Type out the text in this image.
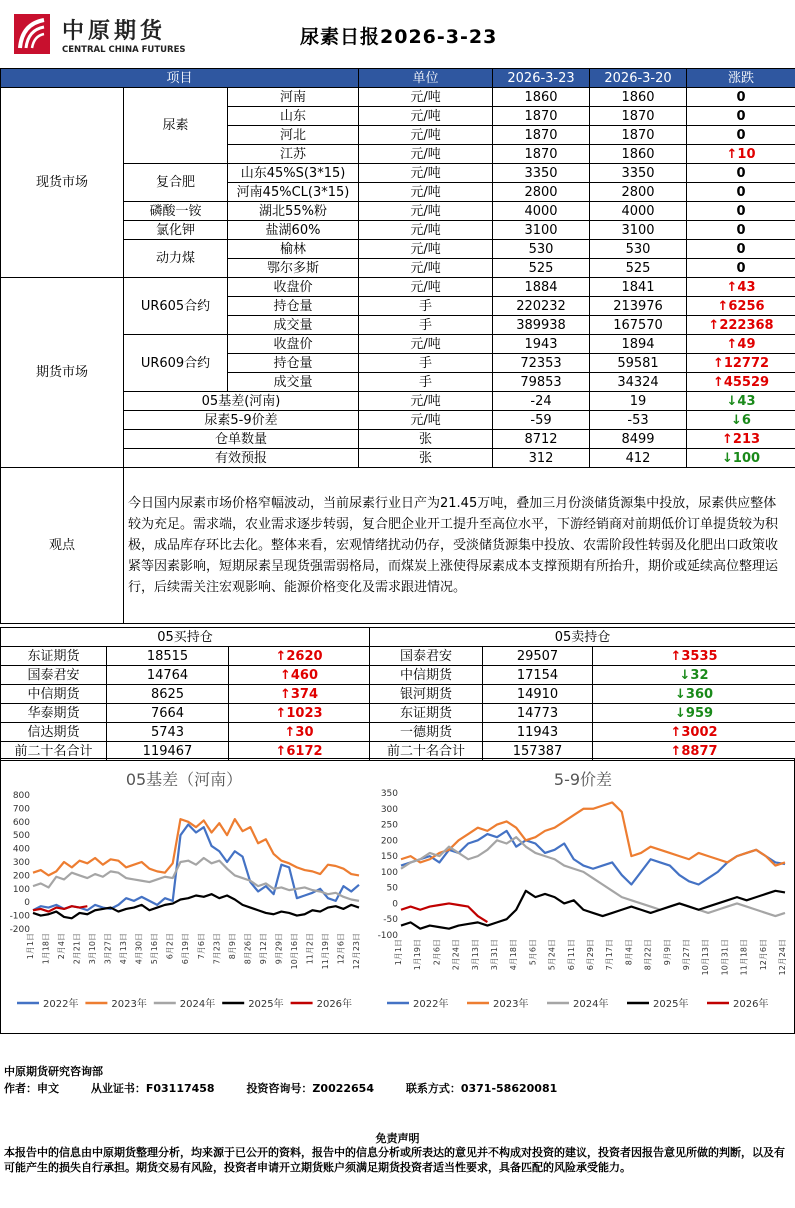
中原期货
CENTRAL CHINA FUTURES
尿素日报2026-3-23
项目			单位	2026-3-23	2026-3-20	涨跌
现货市场	尿素	河南	元/吨	1860	1860	0
		山东	元/吨	1870	1870	0
		河北	元/吨	1870	1870	0
		江苏	元/吨	1870	1860	↑10
	复合肥	山东45%S(3*15)	元/吨	3350	3350	0
		河南45%CL(3*15)	元/吨	2800	2800	0
	磷酸一铵	湖北55%粉	元/吨	4000	4000	0
	氯化钾	盐湖60%	元/吨	3100	3100	0
	动力煤	榆林	元/吨	530	530	0
		鄂尔多斯	元/吨	525	525	0
期货市场	UR605合约	收盘价	元/吨	1884	1841	↑43
		持仓量	手	220232	213976	↑6256
		成交量	手	389938	167570	↑222368
	UR609合约	收盘价	元/吨	1943	1894	↑49
		持仓量	手	72353	59581	↑12772
		成交量	手	79853	34324	↑45529
	05基差(河南)		元/吨	-24	19	↓43
	尿素5-9价差		元/吨	-59	-53	↓6
	仓单数量		张	8712	8499	↑213
	有效预报		张	312	412	↓100
观点	今日国内尿素市场价格窄幅波动，当前尿素行业日产为21.45万吨，叠加三月份淡储货源集中投放，尿素供应整体较为充足。需求端，农业需求逐步转弱，复合肥企业开工提升至高位水平，下游经销商对前期低价订单提货较为积极，成品库存环比去化。整体来看，宏观情绪扰动仍存，受淡储货源集中投放、农需阶段性转弱及化肥出口政策收紧等因素影响，短期尿素呈现货强需弱格局，而煤炭上涨使得尿素成本支撑预期有所抬升，期价或延续高位整理运行，后续需关注宏观影响、能源价格变化及需求跟进情况。					
05买持仓			05卖持仓		
东证期货	18515	↑2620	国泰君安	29507	↑3535
国泰君安	14764	↑460	中信期货	17154	↓32
中信期货	8625	↑374	银河期货	14910	↓360
华泰期货	7664	↑1023	东证期货	14773	↓959
信达期货	5743	↑30	一德期货	11943	↑3002
前二十名合计	119467	↑6172	前二十名合计	157387	↑8877
05基差（河南）
800
700
600
500
400
300
200
100
0
-100
-200
1月1日 1月18日 2月4日 2月21日 3月10日 3月27日 4月13日 4月30日 5月16日 6月2日 6月19日 7月6日 7月23日 8月9日 8月26日 9月12日 9月29日 10月16日 11月2日 11月19日 12月6日 12月23日
2022年	2023年	2024年	2025年	2026年
5-9价差
350
300
250
200
150
100
50
0
-50
-100
1月1日 1月19日 2月6日 2月24日 3月13日 3月31日 4月18日 5月6日 5月24日 6月11日 6月29日 7月17日 8月4日 8月22日 9月9日 9月27日 10月13日 10月31日 11月18日 12月6日 12月24日
2022年	2023年	2024年	2025年	2026年
中原期货研究咨询部
作者：申文	从业证书：F03117458	投资咨询号：Z0022654	联系方式：0371-58620081
免责声明
本报告中的信息由中原期货整理分析，均来源于已公开的资料，报告中的信息分析或所表达的意见并不构成对投资的建议，投资者因报告意见所做的判断，以及有可能产生的损失自行承担。期货交易有风险，投资者申请开立期货账户须满足期货投资者适当性要求，具备匹配的风险承受能力。
